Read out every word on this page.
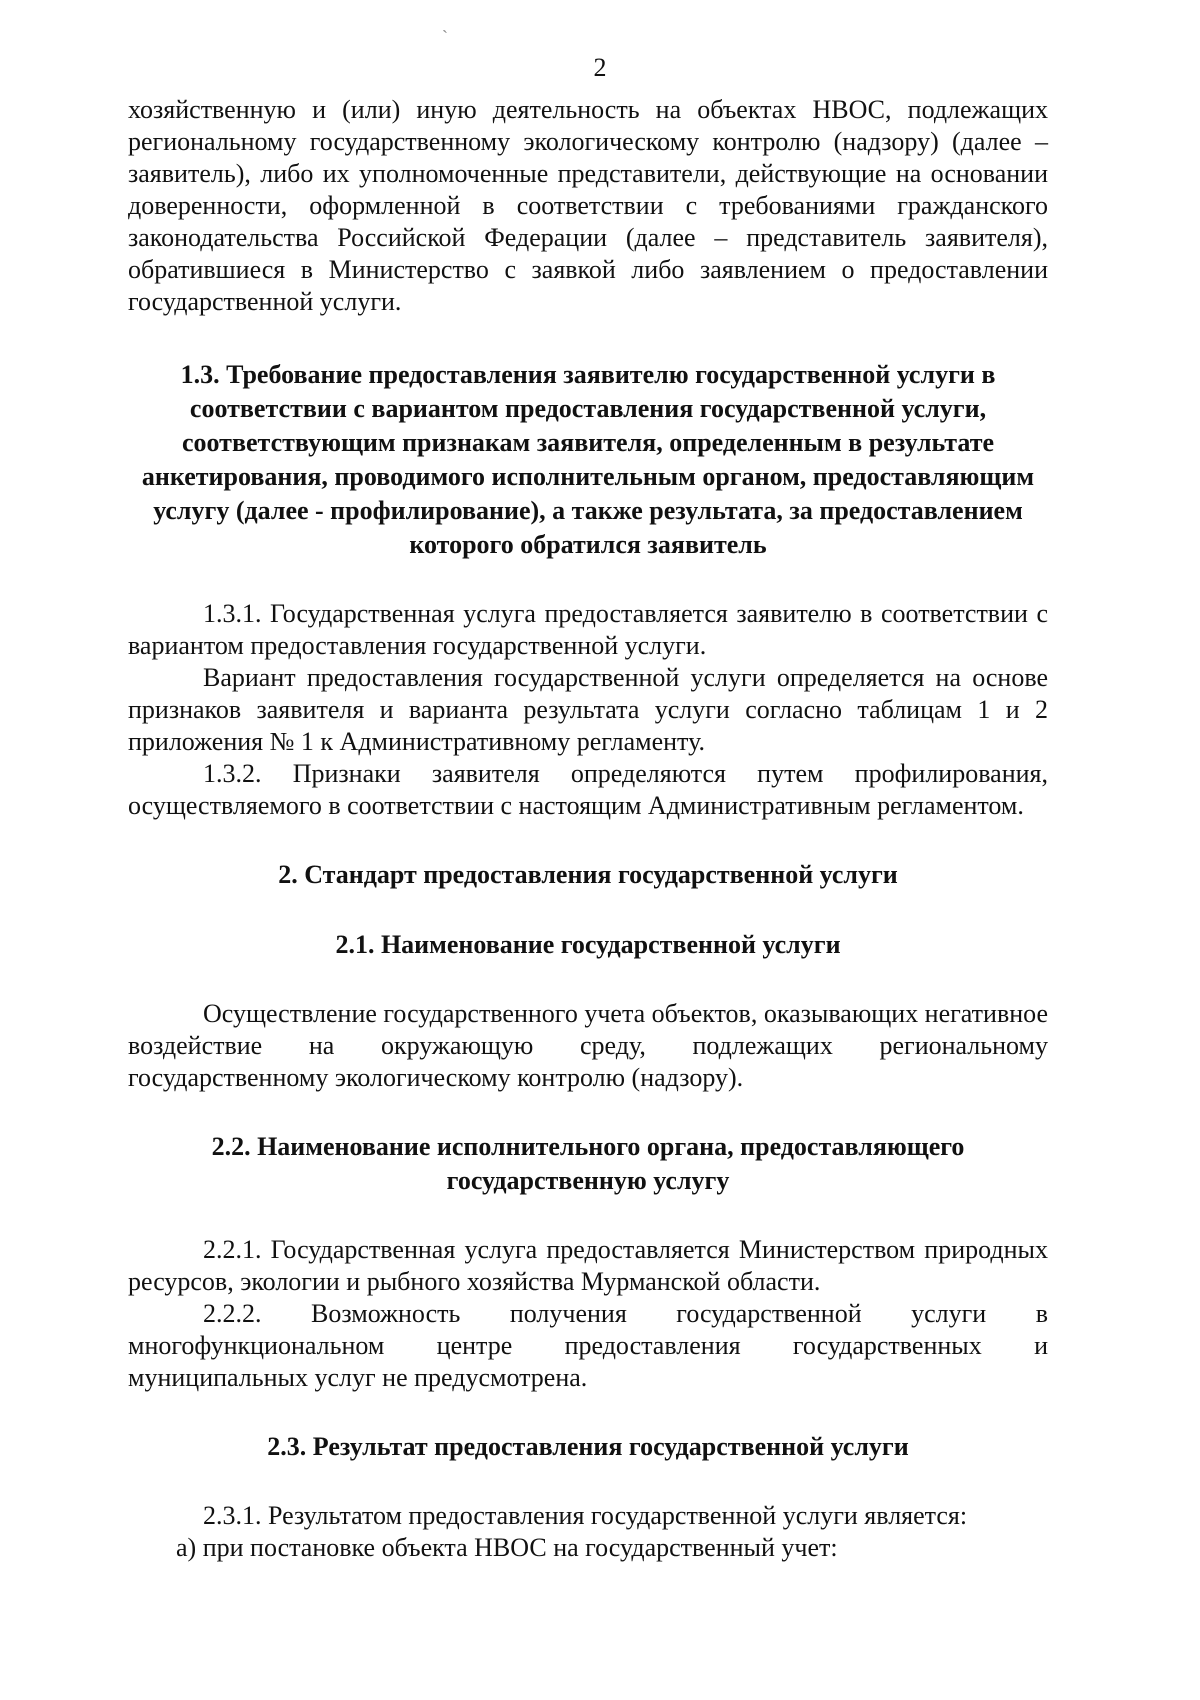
ˋ
2

хозяйственную и (или) иную деятельность на объектах НВОС, подлежащих региональному государственному экологическому контролю (надзору) (далее – заявитель), либо их уполномоченные представители, действующие на основании доверенности, оформленной в соответствии с требованиями гражданского законодательства Российской Федерации (далее – представитель заявителя), обратившиеся в Министерство с заявкой либо заявлением о предоставлении государственной услуги.

1.3. Требование предоставления заявителю государственной услуги в соответствии с вариантом предоставления государственной услуги, соответствующим признакам заявителя, определенным в результате анкетирования, проводимого исполнительным органом, предоставляющим услугу (далее - профилирование), а также результата, за предоставлением которого обратился заявитель

1.3.1. Государственная услуга предоставляется заявителю в соответствии с вариантом предоставления государственной услуги.

Вариант предоставления государственной услуги определяется на основе признаков заявителя и варианта результата услуги согласно таблицам 1 и 2 приложения № 1 к Административному регламенту.

1.3.2. Признаки заявителя определяются путем профилирования, осуществляемого в соответствии с настоящим Административным регламентом.

2. Стандарт предоставления государственной услуги
2.1. Наименование государственной услуги

Осуществление государственного учета объектов, оказывающих негативное воздействие на окружающую среду, подлежащих региональному государственному экологическому контролю (надзору).

2.2. Наименование исполнительного органа, предоставляющего государственную услугу

2.2.1. Государственная услуга предоставляется Министерством природных ресурсов, экологии и рыбного хозяйства Мурманской области.

2.2.2. Возможность получения государственной услуги в многофункциональном центре предоставления государственных и муниципальных услуг не предусмотрена.

2.3. Результат предоставления государственной услуги

2.3.1. Результатом предоставления государственной услуги является:

а) при постановке объекта НВОС на государственный учет:
